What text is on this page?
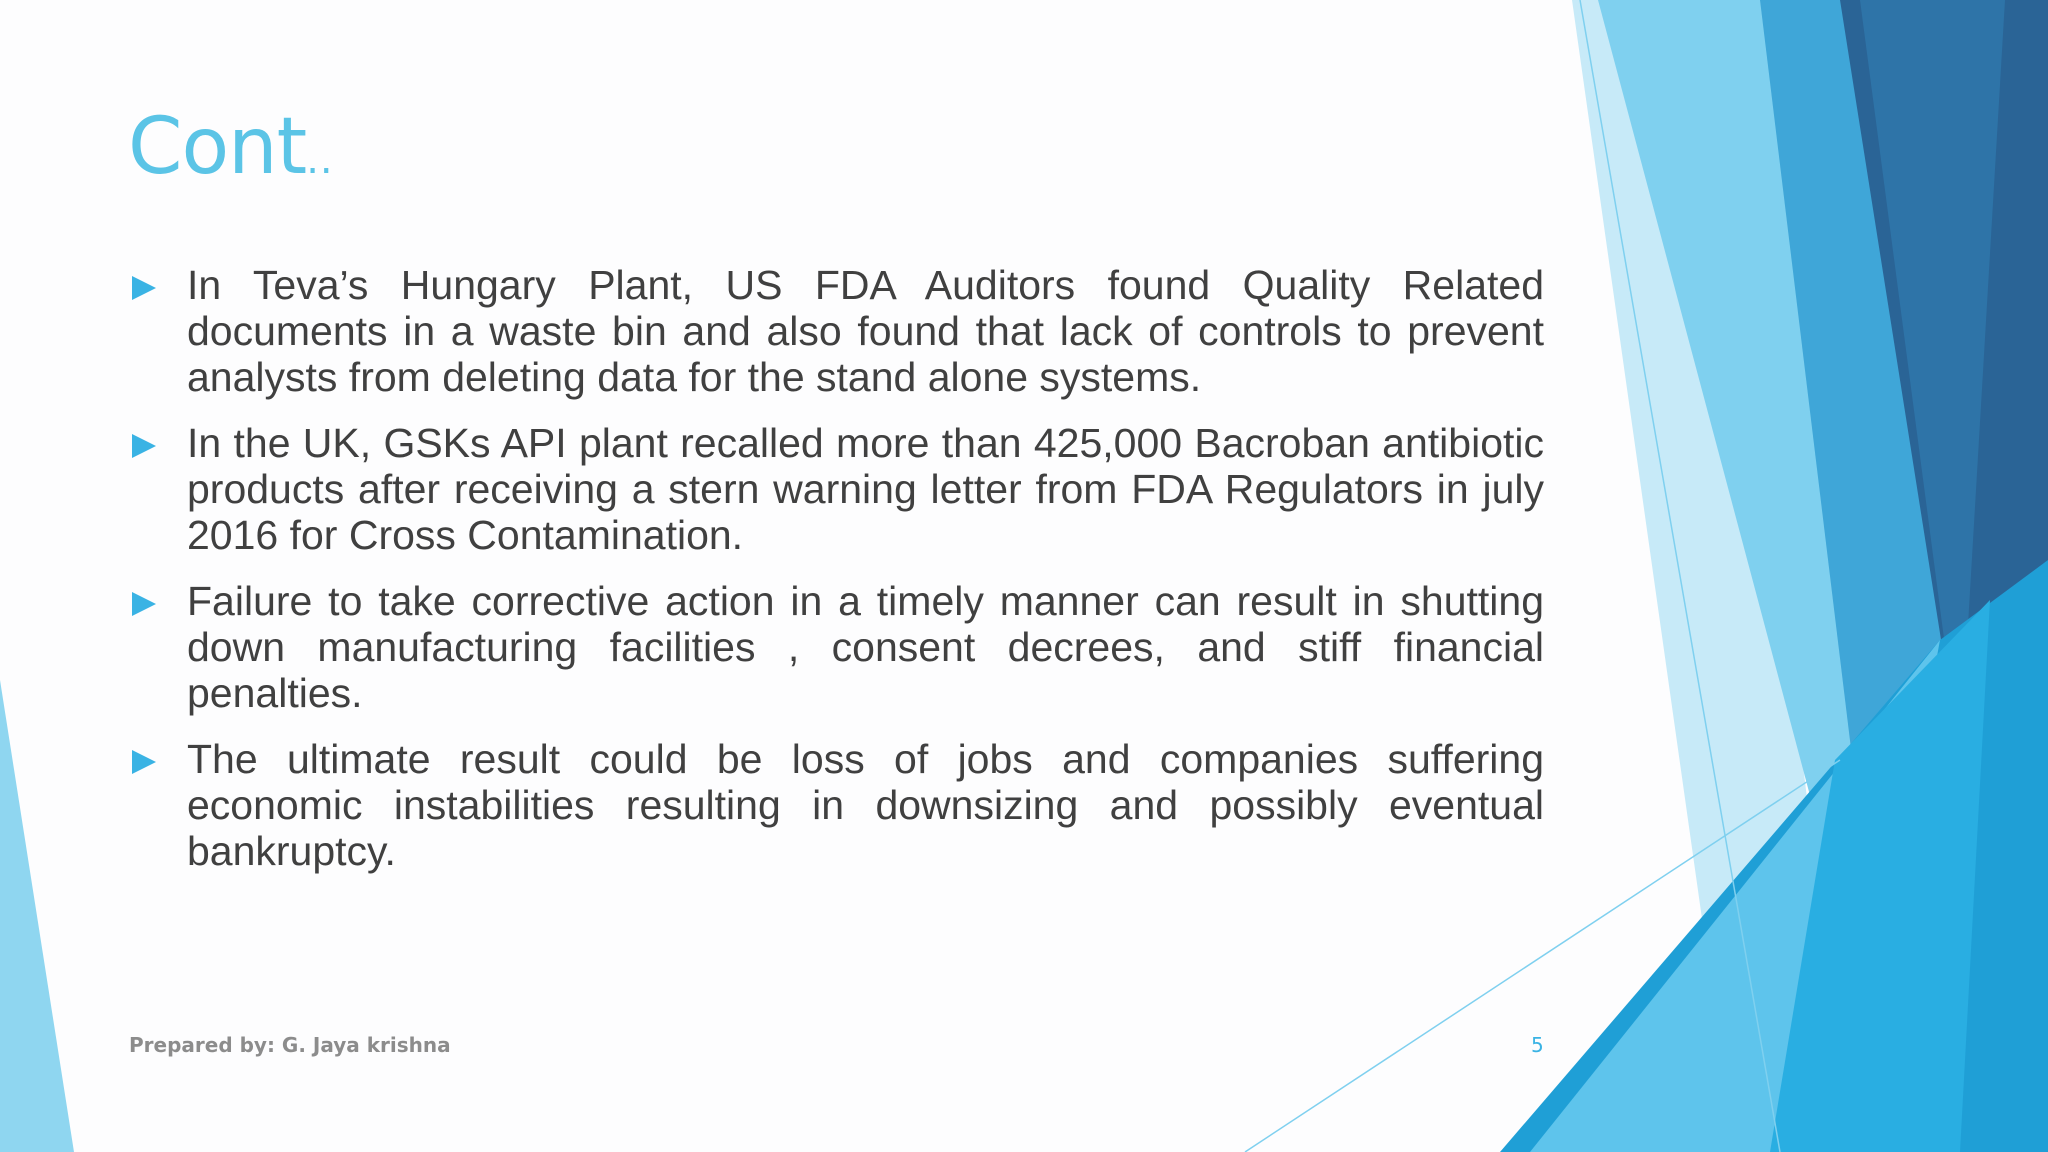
Cont..
In Teva’s Hungary Plant, US FDA Auditors found Quality Related documents in a waste bin and also found that lack of controls to prevent analysts from deleting data for the stand alone systems.
In the UK, GSKs API plant recalled more than 425,000 Bacroban antibiotic products after receiving a stern warning letter from FDA Regulators in july 2016 for Cross Contamination.
Failure to take corrective action in a timely manner can result in shutting down manufacturing facilities , consent decrees, and stiff financial penalties.
The ultimate result could be loss of jobs and companies suffering economic instabilities resulting in downsizing and possibly eventual bankruptcy.
Prepared by: G. Jaya krishna	5
